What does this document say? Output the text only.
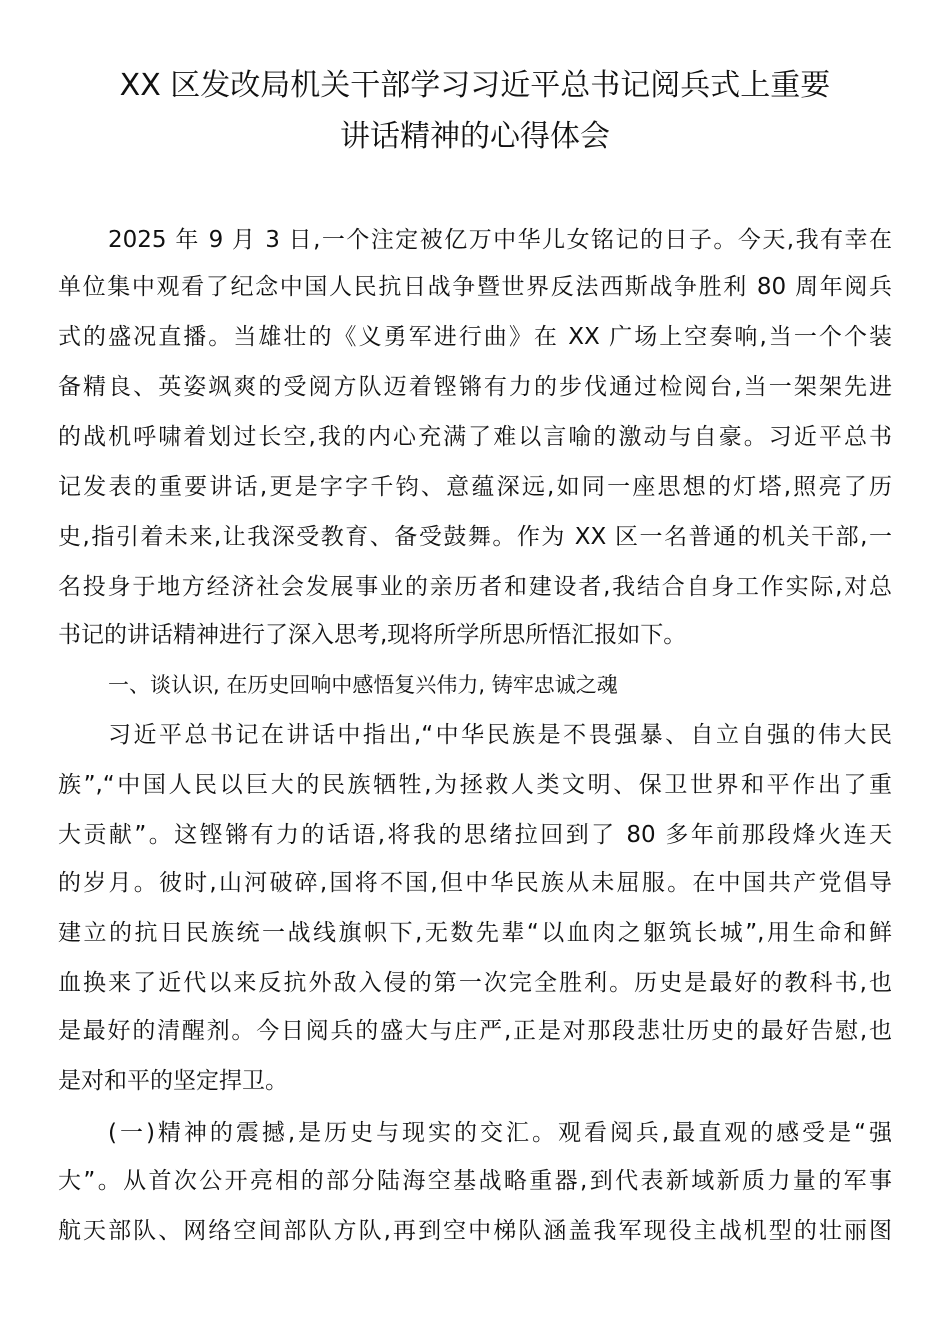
XX 区发改局机关干部学习习近平总书记阅兵式上重要
讲话精神的心得体会

2025 年 9 月 3 日,一个注定被亿万中华儿女铭记的日子。今天,我有幸在

单位集中观看了纪念中国人民抗日战争暨世界反法西斯战争胜利 80 周年阅兵

式的盛况直播。当雄壮的《义勇军进行曲》在 XX 广场上空奏响,当一个个装

备精良、英姿飒爽的受阅方队迈着铿锵有力的步伐通过检阅台,当一架架先进

的战机呼啸着划过长空,我的内心充满了难以言喻的激动与自豪。习近平总书

记发表的重要讲话,更是字字千钧、意蕴深远,如同一座思想的灯塔,照亮了历

史,指引着未来,让我深受教育、备受鼓舞。作为 XX 区一名普通的机关干部,一

名投身于地方经济社会发展事业的亲历者和建设者,我结合自身工作实际,对总

书记的讲话精神进行了深入思考,现将所学所思所悟汇报如下。

一、谈认识, 在历史回响中感悟复兴伟力, 铸牢忠诚之魂

习近平总书记在讲话中指出,“中华民族是不畏强暴、自立自强的伟大民

族”,“中国人民以巨大的民族牺牲,为拯救人类文明、保卫世界和平作出了重

大贡献”。这铿锵有力的话语,将我的思绪拉回到了 80 多年前那段烽火连天

的岁月。彼时,山河破碎,国将不国,但中华民族从未屈服。在中国共产党倡导

建立的抗日民族统一战线旗帜下,无数先辈“以血肉之躯筑长城”,用生命和鲜

血换来了近代以来反抗外敌入侵的第一次完全胜利。历史是最好的教科书,也

是最好的清醒剂。今日阅兵的盛大与庄严,正是对那段悲壮历史的最好告慰,也

是对和平的坚定捍卫。

(一)精神的震撼,是历史与现实的交汇。观看阅兵,最直观的感受是“强

大”。从首次公开亮相的部分陆海空基战略重器,到代表新域新质力量的军事

航天部队、网络空间部队方队,再到空中梯队涵盖我军现役主战机型的壮丽图
